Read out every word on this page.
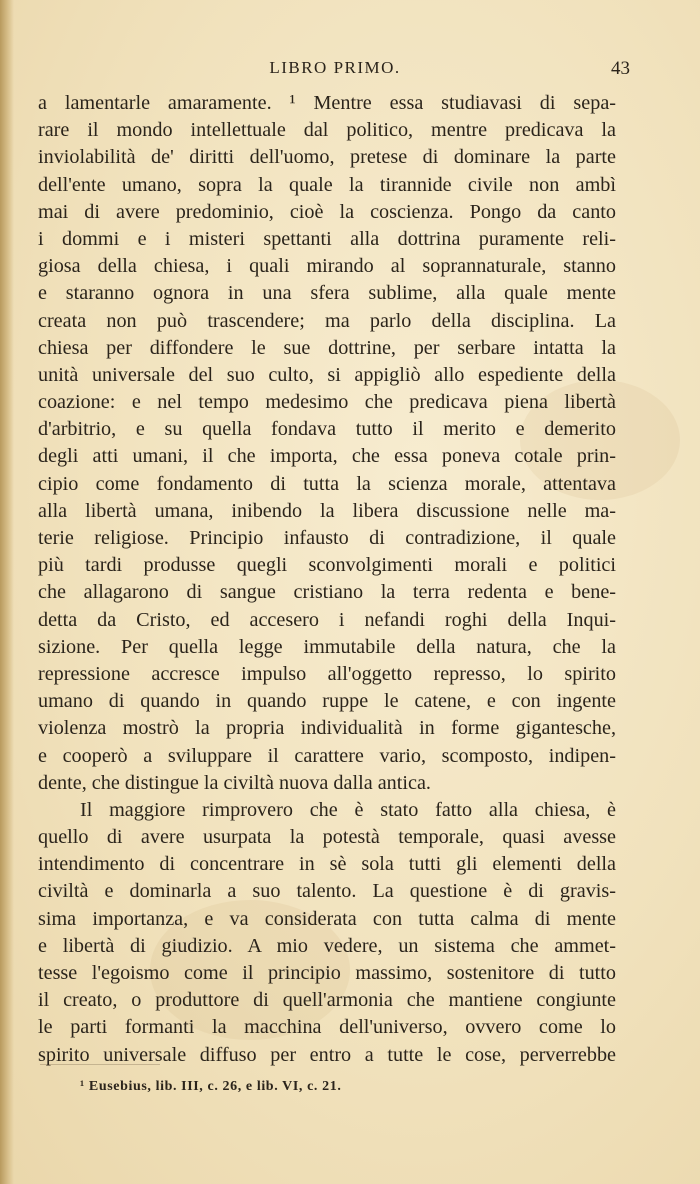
LIBRO PRIMO.	43
a lamentarle amaramente. ¹ Mentre essa studiavasi di sepa-
rare il mondo intellettuale dal politico, mentre predicava la
inviolabilità de' diritti dell'uomo, pretese di dominare la parte
dell'ente umano, sopra la quale la tirannide civile non ambì
mai di avere predominio, cioè la coscienza. Pongo da canto
i dommi e i misteri spettanti alla dottrina puramente reli-
giosa della chiesa, i quali mirando al soprannaturale, stanno
e staranno ognora in una sfera sublime, alla quale mente
creata non può trascendere; ma parlo della disciplina. La
chiesa per diffondere le sue dottrine, per serbare intatta la
unità universale del suo culto, si appigliò allo espediente della
coazione: e nel tempo medesimo che predicava piena libertà
d'arbitrio, e su quella fondava tutto il merito e demerito
degli atti umani, il che importa, che essa poneva cotale prin-
cipio come fondamento di tutta la scienza morale, attentava
alla libertà umana, inibendo la libera discussione nelle ma-
terie religiose. Principio infausto di contradizione, il quale
più tardi produsse quegli sconvolgimenti morali e politici
che allagarono di sangue cristiano la terra redenta e bene-
detta da Cristo, ed accesero i nefandi roghi della Inqui-
sizione. Per quella legge immutabile della natura, che la
repressione accresce impulso all'oggetto represso, lo spirito
umano di quando in quando ruppe le catene, e con ingente
violenza mostrò la propria individualità in forme gigantesche,
e cooperò a sviluppare il carattere vario, scomposto, indipen-
dente, che distingue la civiltà nuova dalla antica.
Il maggiore rimprovero che è stato fatto alla chiesa, è
quello di avere usurpata la potestà temporale, quasi avesse
intendimento di concentrare in sè sola tutti gli elementi della
civiltà e dominarla a suo talento. La questione è di gravis-
sima importanza, e va considerata con tutta calma di mente
e libertà di giudizio. A mio vedere, un sistema che ammet-
tesse l'egoismo come il principio massimo, sostenitore di tutto
il creato, o produttore di quell'armonia che mantiene congiunte
le parti formanti la macchina dell'universo, ovvero come lo
spirito universale diffuso per entro a tutte le cose, perverrebbe
¹ Eusebius, lib. III, c. 26, e lib. VI, c. 21.
